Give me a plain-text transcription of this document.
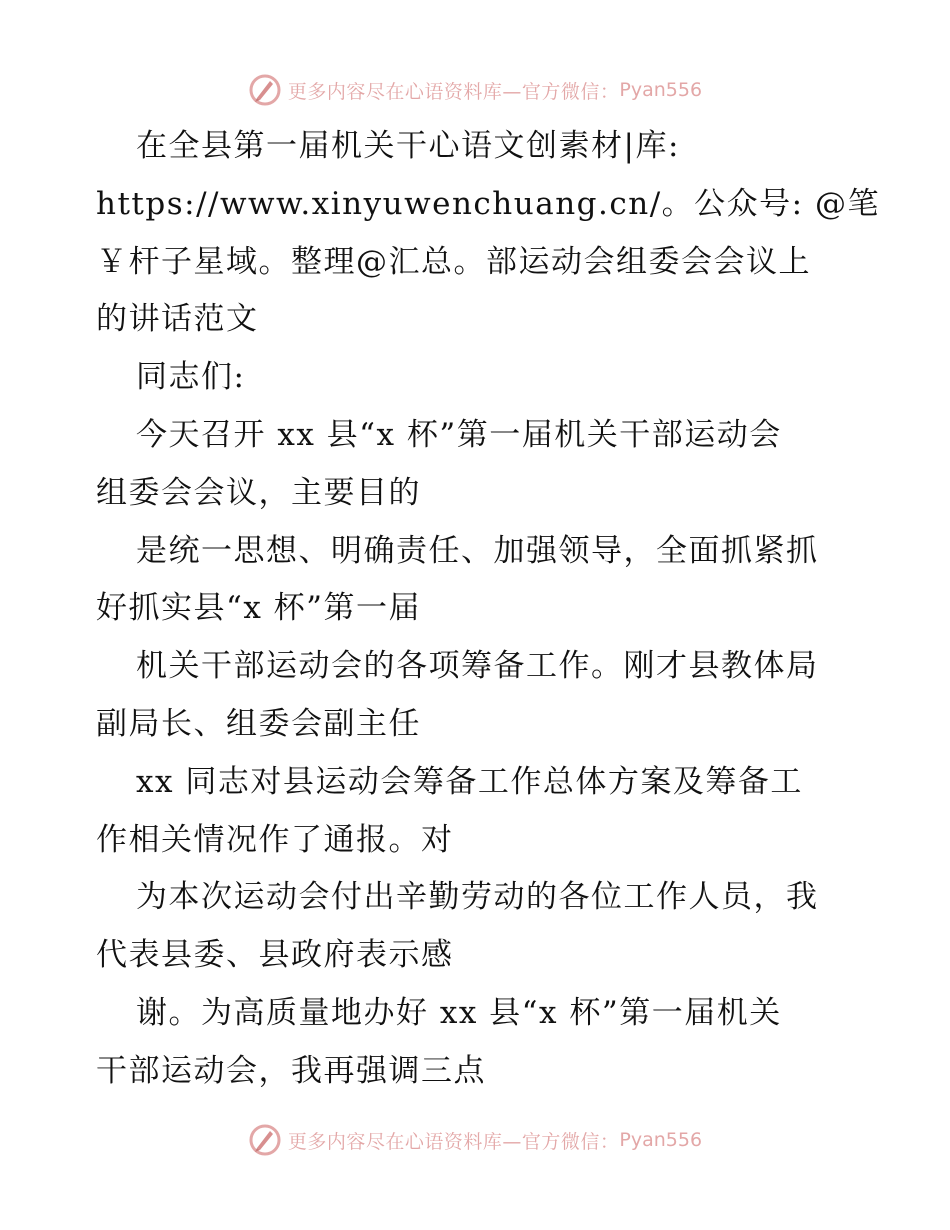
更多内容尽在心语资料库—官方微信： Pyan556
在全县第一届机关干心语文创素材|库:
https://www.xinyuwenchuang.cn/。公众号: @笔
￥杆子星域。整理@汇总。部运动会组委会会议上
的讲话范文
同志们:
今天召开 xx 县“x 杯”第一届机关干部运动会
组委会会议，主要目的
是统一思想、明确责任、加强领导，全面抓紧抓
好抓实县“x 杯”第一届
机关干部运动会的各项筹备工作。刚才县教体局
副局长、组委会副主任
xx 同志对县运动会筹备工作总体方案及筹备工
作相关情况作了通报。对
为本次运动会付出辛勤劳动的各位工作人员，我
代表县委、县政府表示感
谢。为高质量地办好 xx 县“x 杯”第一届机关
干部运动会，我再强调三点
更多内容尽在心语资料库—官方微信： Pyan556
